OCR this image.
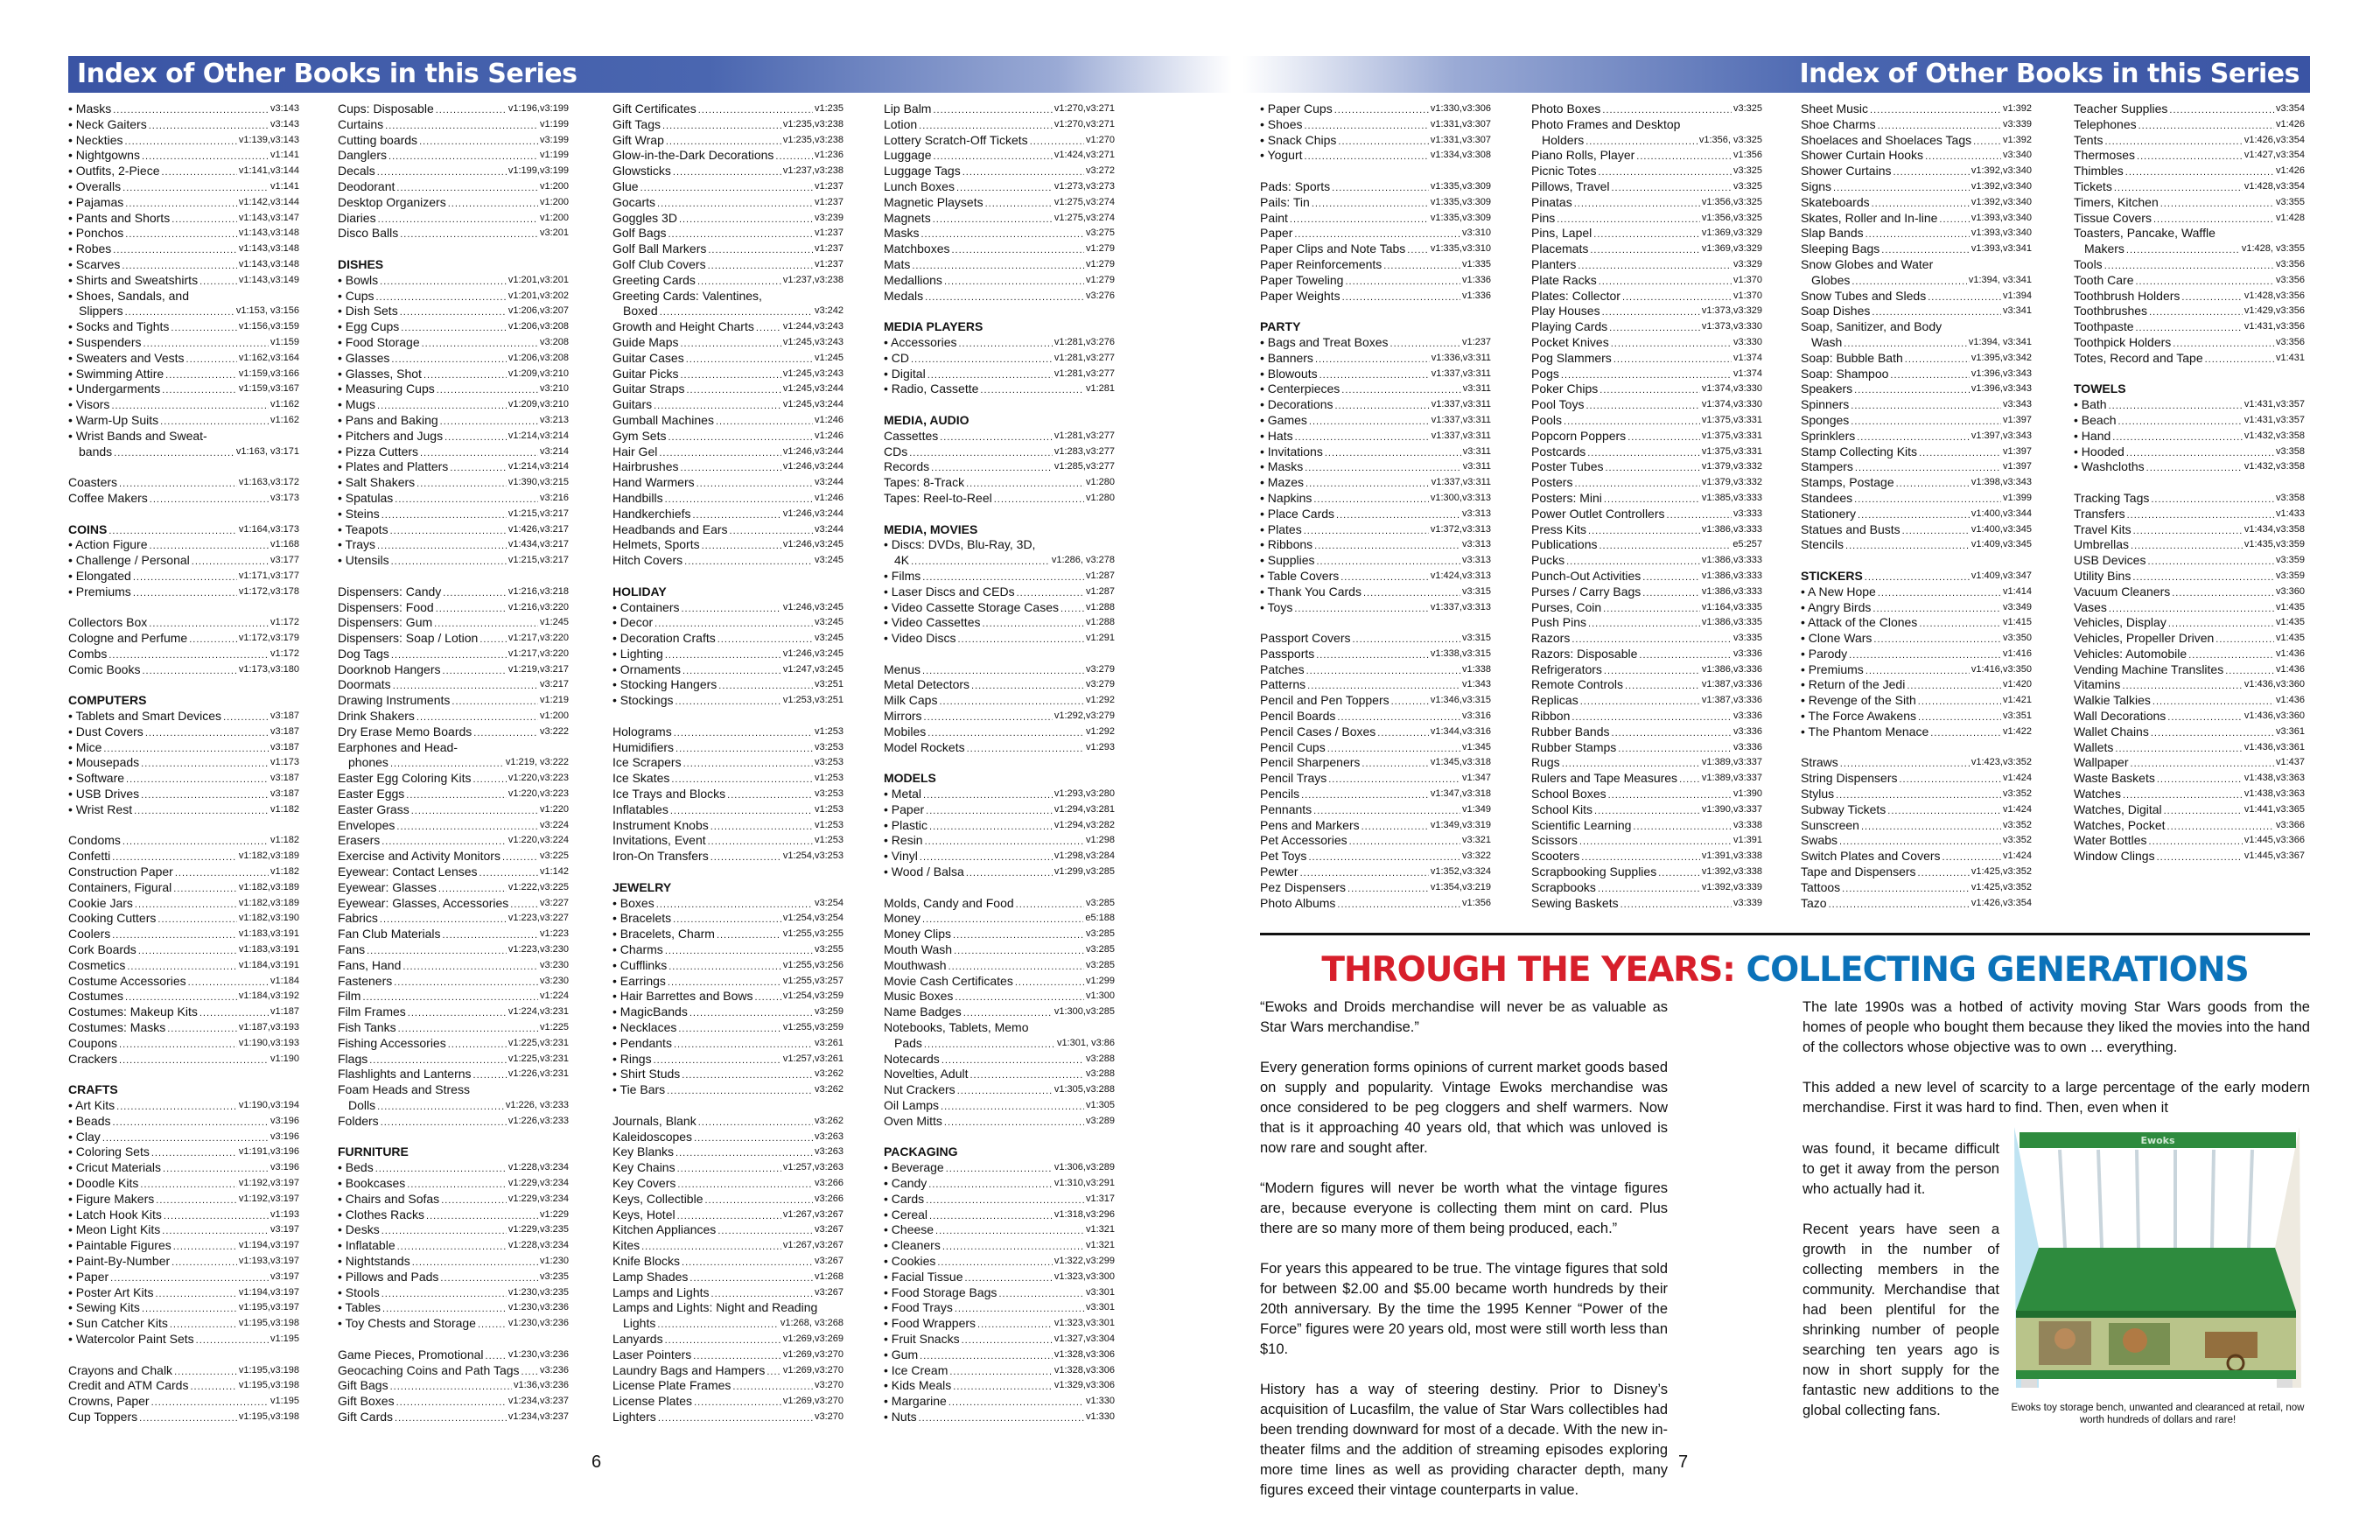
Index of Other Books in this Series	Index of Other Books in this Series
• Masks .....	v3:143
• Neck Gaiters .....	v3:143
• Neckties .....	v1:139,v3:143
• Nightgowns .....	v1:141
• Outfits, 2-Piece .....	v1:141,v3:144
• Overalls .....	v1:141
• Pajamas .....	v1:142,v3:144
• Pants and Shorts .....	v1:143,v3:147
• Ponchos .....	v1:143,v3:148
• Robes .....	v1:143,v3:148
• Scarves .....	v1:143,v3:148
• Shirts and Sweatshirts .....	v1:143,v3:149
• Shoes, Sandals, and
Slippers .....	v1:153, v3:156
• Socks and Tights .....	v1:156,v3:159
• Suspenders .....	v1:159
• Sweaters and Vests .....	v1:162,v3:164
• Swimming Attire .....	v1:159,v3:166
• Undergarments .....	v1:159,v3:167
• Visors .....	v1:162
• Warm-Up Suits .....	v1:162
• Wrist Bands and Sweat-
bands .....	v1:163, v3:171
Coasters .....	v1:163,v3:172
Coffee Makers .....	v3:173
COINS .....	v1:164,v3:173
• Action Figure .....	v1:168
• Challenge / Personal .....	v3:177
• Elongated .....	v1:171,v3:177
• Premiums .....	v1:172,v3:178
Collectors Box .....	v1:172
Cologne and Perfume .....	v1:172,v3:179
Combs .....	v1:172
Comic Books .....	v1:173,v3:180
COMPUTERS
• Tablets and Smart Devices .....	v3:187
• Dust Covers .....	v3:187
• Mice .....	v3:187
• Mousepads .....	v1:173
• Software .....	v3:187
• USB Drives .....	v3:187
• Wrist Rest .....	v1:182
Condoms .....	v1:182
Confetti .....	v1:182,v3:189
Construction Paper .....	v1:182
Containers, Figural .....	v1:182,v3:189
Cookie Jars .....	v1:182,v3:189
Cooking Cutters .....	v1:182,v3:190
Coolers .....	v1:183,v3:191
Cork Boards .....	v1:183,v3:191
Cosmetics .....	v1:184,v3:191
Costume Accessories .....	v1:184
Costumes .....	v1:184,v3:192
Costumes: Makeup Kits .....	v1:187
Costumes: Masks .....	v1:187,v3:193
Coupons .....	v1:190,v3:193
Crackers .....	v1:190
CRAFTS
• Art Kits .....	v1:190,v3:194
• Beads .....	v3:196
• Clay .....	v3:196
• Coloring Sets .....	v1:191,v3:196
• Cricut Materials .....	v3:196
• Doodle Kits .....	v1:192,v3:197
• Figure Makers .....	v1:192,v3:197
• Latch Hook Kits .....	v1:193
• Meon Light Kits .....	v3:197
• Paintable Figures .....	v1:194,v3:197
• Paint-By-Number .....	v1:193,v3:197
• Paper .....	v3:197
• Poster Art Kits .....	v1:194,v3:197
• Sewing Kits .....	v1:195,v3:197
• Sun Catcher Kits .....	v1:195,v3:198
• Watercolor Paint Sets .....	v1:195
Crayons and Chalk .....	v1:195,v3:198
Credit and ATM Cards .....	v1:195,v3:198
Crowns, Paper .....	v1:195
Cup Toppers .....	v1:195,v3:198
Cups: Disposable .....	v1:196,v3:199
Curtains .....	v1:199
Cutting boards .....	v3:199
Danglers .....	v1:199
Decals .....	v1:199,v3:199
Deodorant .....	v1:200
Desktop Organizers .....	v1:200
Diaries .....	v1:200
Disco Balls .....	v3:201
DISHES
• Bowls .....	v1:201,v3:201
• Cups .....	v1:201,v3:202
• Dish Sets .....	v1:206,v3:207
• Egg Cups .....	v1:206,v3:208
• Food Storage .....	v3:208
• Glasses .....	v1:206,v3:208
• Glasses, Shot .....	v1:209,v3:210
• Measuring Cups .....	v3:210
• Mugs .....	v1:209,v3:210
• Pans and Baking .....	v3:213
• Pitchers and Jugs .....	v1:214,v3:214
• Pizza Cutters .....	v3:214
• Plates and Platters .....	v1:214,v3:214
• Salt Shakers .....	v1:390,v3:215
• Spatulas .....	v3:216
• Steins .....	v1:215,v3:217
• Teapots .....	v1:426,v3:217
• Trays .....	v1:434,v3:217
• Utensils .....	v1:215,v3:217
Dispensers: Candy .....	v1:216,v3:218
Dispensers: Food .....	v1:216,v3:220
Dispensers: Gum .....	v1:245
Dispensers: Soap / Lotion .....	v1:217,v3:220
Dog Tags .....	v1:217,v3:220
Doorknob Hangers .....	v1:219,v3:217
Doormats .....	v3:217
Drawing Instruments .....	v1:219
Drink Shakers .....	v1:200
Dry Erase Memo Boards .....	v3:222
Earphones and Head-
phones .....	v1:219, v3:222
Easter Egg Coloring Kits .....	v1:220,v3:223
Easter Eggs .....	v1:220,v3:223
Easter Grass .....	v1:220
Envelopes .....	v3:224
Erasers .....	v1:220,v3:224
Exercise and Activity Monitors .....	v3:225
Eyewear: Contact Lenses .....	v1:142
Eyewear: Glasses .....	v1:222,v3:225
Eyewear: Glasses, Accessories .....	v3:227
Fabrics .....	v1:223,v3:227
Fan Club Materials .....	v1:223
Fans .....	v1:223,v3:230
Fans, Hand .....	v3:230
Fasteners .....	v3:230
Film .....	v1:224
Film Frames .....	v1:224,v3:231
Fish Tanks .....	v1:225
Fishing Accessories .....	v1:225,v3:231
Flags .....	v1:225,v3:231
Flashlights and Lanterns .....	v1:226,v3:231
Foam Heads and Stress
Dolls .....	v1:226, v3:233
Folders .....	v1:226,v3:233
FURNITURE
• Beds .....	v1:228,v3:234
• Bookcases .....	v1:229,v3:234
• Chairs and Sofas .....	v1:229,v3:234
• Clothes Racks .....	v1:229
• Desks .....	v1:229,v3:235
• Inflatable .....	v1:228,v3:234
• Nightstands .....	v1:230
• Pillows and Pads .....	v3:235
• Stools .....	v1:230,v3:235
• Tables .....	v1:230,v3:236
• Toy Chests and Storage .....	v1:230,v3:236
Game Pieces, Promotional .....	v1:230,v3:236
Geocaching Coins and Path Tags ..... v3:236
Gift Bags .....	v1:36,v3:236
Gift Boxes .....	v1:234,v3:237
Gift Cards .....	v1:234,v3:237
Gift Certificates .....	v1:235
Gift Tags .....	v1:235,v3:238
Gift Wrap .....	v1:235,v3:238
Glow-in-the-Dark Decorations .....	v1:236
Glowsticks .....	v1:237,v3:238
Glue .....	v1:237
Gocarts .....	v1:237
Goggles 3D .....	v3:239
Golf Bags .....	v1:237
Golf Ball Markers .....	v1:237
Golf Club Covers .....	v1:237
Greeting Cards .....	v1:237,v3:238
Greeting Cards: Valentines,
Boxed .....	v3:242
Growth and Height Charts .....	v1:244,v3:243
Guide Maps .....	v1:245,v3:243
Guitar Cases .....	v1:245
Guitar Picks .....	v1:245,v3:243
Guitar Straps .....	v1:245,v3:244
Guitars .....	v1:245,v3:244
Gumball Machines .....	v1:246
Gym Sets .....	v1:246
Hair Gel .....	v1:246,v3:244
Hairbrushes .....	v1:246,v3:244
Hand Warmers .....	v3:244
Handbills .....	v1:246
Handkerchiefs .....	v1:246,v3:244
Headbands and Ears .....	v3:244
Helmets, Sports .....	v1:246,v3:245
Hitch Covers .....	v3:245
HOLIDAY
• Containers .....	v1:246,v3:245
• Decor .....	v3:245
• Decoration Crafts .....	v3:245
• Lighting .....	v1:246,v3:245
• Ornaments .....	v1:247,v3:245
• Stocking Hangers .....	v3:251
• Stockings .....	v1:253,v3:251
Holograms .....	v1:253
Humidifiers .....	v3:253
Ice Scrapers .....	v3:253
Ice Skates .....	v1:253
Ice Trays and Blocks .....	v3:253
Inflatables .....	v1:253
Instrument Knobs .....	v1:253
Invitations, Event .....	v1:253
Iron-On Transfers .....	v1:254,v3:253
JEWELRY
• Boxes .....	v3:254
• Bracelets .....	v1:254,v3:254
• Bracelets, Charm .....	v1:255,v3:255
• Charms .....	v3:255
• Cufflinks .....	v1:255,v3:256
• Earrings .....	v1:255,v3:257
• Hair Barrettes and Bows .....	v1:254,v3:259
• MagicBands .....	v3:259
• Necklaces .....	v1:255,v3:259
• Pendants .....	v3:261
• Rings .....	v1:257,v3:261
• Shirt Studs .....	v3:262
• Tie Bars .....	v3:262
Journals, Blank .....	v3:262
Kaleidoscopes .....	v3:263
Key Blanks .....	v3:263
Key Chains .....	v1:257,v3:263
Key Covers .....	v3:266
Keys, Collectible .....	v3:266
Keys, Hotel .....	v1:267,v3:267
Kitchen Appliances .....	v3:267
Kites .....	v1:267,v3:267
Knife Blocks .....	v3:267
Lamp Shades .....	v1:268
Lamps and Lights .....	v3:267
Lamps and Lights: Night and Reading
Lights .....	v1:268, v3:268
Lanyards .....	v1:269,v3:269
Laser Pointers .....	v1:269,v3:270
Laundry Bags and Hampers ..... v1:269,v3:270
License Plate Frames .....	v3:270
License Plates .....	v1:269,v3:270
Lighters .....	v3:270
Lip Balm .....	v1:270,v3:271
Lotion .....	v1:270,v3:271
Lottery Scratch-Off Tickets .....	v1:270
Luggage .....	v1:424,v3:271
Luggage Tags .....	v3:272
Lunch Boxes .....	v1:273,v3:273
Magnetic Playsets .....	v1:275,v3:274
Magnets .....	v1:275,v3:274
Masks .....	v3:275
Matchboxes .....	v1:279
Mats .....	v1:279
Medallions .....	v1:279
Medals .....	v3:276
MEDIA PLAYERS
• Accessories .....	v1:281,v3:276
• CD .....	v1:281,v3:277
• Digital .....	v1:281,v3:277
• Radio, Cassette .....	v1:281
MEDIA, AUDIO
Cassettes .....	v1:281,v3:277
CDs .....	v1:283,v3:277
Records .....	v1:285,v3:277
Tapes: 8-Track .....	v1:280
Tapes: Reel-to-Reel .....	v1:280
MEDIA, MOVIES
• Discs: DVDs, Blu-Ray, 3D,
4K .....	v1:286, v3:278
• Films .....	v1:287
• Laser Discs and CEDs .....	v1:287
• Video Cassette Storage Cases .....	v1:288
• Video Cassettes .....	v1:288
• Video Discs .....	v1:291
Menus .....	v3:279
Metal Detectors .....	v3:279
Milk Caps .....	v1:292
Mirrors .....	v1:292,v3:279
Mobiles .....	v1:292
Model Rockets .....	v1:293
MODELS
• Metal .....	v1:293,v3:280
• Paper .....	v1:294,v3:281
• Plastic .....	v1:294,v3:282
• Resin .....	v1:298
• Vinyl .....	v1:298,v3:284
• Wood / Balsa .....	v1:299,v3:285
Molds, Candy and Food .....	v3:285
Money .....	e5:188
Money Clips .....	v3:285
Mouth Wash .....	v3:285
Mouthwash .....	v3:285
Movie Cash Certificates .....	v1:299
Music Boxes .....	v1:300
Name Badges .....	v1:300,v3:285
Notebooks, Tablets, Memo
Pads .....	v1:301, v3:86
Notecards .....	v3:288
Novelties, Adult .....	v3:288
Nut Crackers .....	v1:305,v3:288
Oil Lamps .....	v1:305
Oven Mitts .....	v3:289
PACKAGING
• Beverage .....	v1:306,v3:289
• Candy .....	v1:310,v3:291
• Cards .....	v1:317
• Cereal .....	v1:318,v3:296
• Cheese .....	v1:321
• Cleaners .....	v1:321
• Cookies .....	v1:322,v3:299
• Facial Tissue .....	v1:323,v3:300
• Food Storage Bags .....	v3:301
• Food Trays .....	v3:301
• Food Wrappers .....	v1:323,v3:301
• Fruit Snacks .....	v1:327,v3:304
• Gum .....	v1:328,v3:306
• Ice Cream .....	v1:328,v3:306
• Kids Meals .....	v1:329,v3:306
• Margarine .....	v1:330
• Nuts .....	v1:330
• Paper Cups .....	v1:330,v3:306
• Shoes .....	v1:331,v3:307
• Snack Chips .....	v1:331,v3:307
• Yogurt .....	v1:334,v3:308
Pads: Sports .....	v1:335,v3:309
Pails: Tin .....	v1:335,v3:309
Paint .....	v1:335,v3:309
Paper .....	v3:310
Paper Clips and Note Tabs .....	v1:335,v3:310
Paper Reinforcements .....	v1:335
Paper Toweling .....	v1:336
Paper Weights .....	v1:336
PARTY
• Bags and Treat Boxes .....	v1:237
• Banners .....	v1:336,v3:311
• Blowouts .....	v1:337,v3:311
• Centerpieces .....	v3:311
• Decorations .....	v1:337,v3:311
• Games .....	v1:337,v3:311
• Hats .....	v1:337,v3:311
• Invitations .....	v3:311
• Masks .....	v3:311
• Mazes .....	v1:337,v3:311
• Napkins .....	v1:300,v3:313
• Place Cards .....	v3:313
• Plates .....	v1:372,v3:313
• Ribbons .....	v3:313
• Supplies .....	v3:313
• Table Covers .....	v1:424,v3:313
• Thank You Cards .....	v3:315
• Toys .....	v1:337,v3:313
Passport Covers .....	v3:315
Passports .....	v1:338,v3:315
Patches .....	v1:338
Patterns .....	v1:343
Pencil and Pen Toppers .....	v1:346,v3:315
Pencil Boards .....	v3:316
Pencil Cases / Boxes .....	v1:344,v3:316
Pencil Cups .....	v1:345
Pencil Sharpeners .....	v1:345,v3:318
Pencil Trays .....	v1:347
Pencils .....	v1:347,v3:318
Pennants .....	v1:349
Pens and Markers .....	v1:349,v3:319
Pet Accessories .....	v3:321
Pet Toys .....	v3:322
Pewter .....	v1:352,v3:324
Pez Dispensers .....	v1:354,v3:219
Photo Albums .....	v1:356
Photo Boxes .....	v3:325
Photo Frames and Desktop
Holders .....	v1:356, v3:325
Piano Rolls, Player .....	v1:356
Picnic Totes .....	v3:325
Pillows, Travel .....	v3:325
Pinatas .....	v1:356,v3:325
Pins .....	v1:356,v3:325
Pins, Lapel .....	v1:369,v3:329
Placemats .....	v1:369,v3:329
Planters .....	v3:329
Plate Racks .....	v1:370
Plates: Collector .....	v1:370
Play Houses .....	v1:373,v3:329
Playing Cards .....	v1:373,v3:330
Pocket Knives .....	v3:330
Pog Slammers .....	v1:374
Pogs .....	v1:374
Poker Chips .....	v1:374,v3:330
Pool Toys .....	v1:374,v3:330
Pools .....	v1:375,v3:331
Popcorn Poppers .....	v1:375,v3:331
Postcards .....	v1:375,v3:331
Poster Tubes .....	v1:379,v3:332
Posters .....	v1:379,v3:332
Posters: Mini .....	v1:385,v3:333
Power Outlet Controllers .....	v3:333
Press Kits .....	v1:386,v3:333
Publications .....	e5:257
Pucks .....	v1:386,v3:333
Punch-Out Activities .....	v1:386,v3:333
Purses / Carry Bags .....	v1:386,v3:333
Purses, Coin .....	v1:164,v3:335
Push Pins .....	v1:386,v3:335
Razors .....	v3:335
Razors: Disposable .....	v3:336
Refrigerators .....	v1:386,v3:336
Remote Controls .....	v1:387,v3:336
Replicas .....	v1:387,v3:336
Ribbon .....	v3:336
Rubber Bands .....	v3:336
Rubber Stamps .....	v3:336
Rugs .....	v1:389,v3:337
Rulers and Tape Measures .....	v1:389,v3:337
School Boxes .....	v1:390
School Kits .....	v1:390,v3:337
Scientific Learning .....	v3:338
Scissors .....	v1:391
Scooters .....	v1:391,v3:338
Scrapbooking Supplies .....	v1:392,v3:338
Scrapbooks .....	v1:392,v3:339
Sewing Baskets .....	v3:339
Sheet Music .....	v1:392
Shoe Charms .....	v3:339
Shoelaces and Shoelaces Tags .....	v1:392
Shower Curtain Hooks .....	v3:340
Shower Curtains .....	v1:392,v3:340
Signs .....	v1:392,v3:340
Skateboards .....	v1:392,v3:340
Skates, Roller and In-line .....	v1:393,v3:340
Slap Bands .....	v1:393,v3:340
Sleeping Bags .....	v1:393,v3:341
Snow Globes and Water
Globes .....	v1:394, v3:341
Snow Tubes and Sleds .....	v1:394
Soap Dishes .....	v3:341
Soap, Sanitizer, and Body
Wash .....	v1:394, v3:341
Soap: Bubble Bath .....	v1:395,v3:342
Soap: Shampoo .....	v1:396,v3:343
Speakers .....	v1:396,v3:343
Spinners .....	v3:343
Sponges .....	v1:397
Sprinklers .....	v1:397,v3:343
Stamp Collecting Kits .....	v1:397
Stampers .....	v1:397
Stamps, Postage .....	v1:398,v3:343
Standees .....	v1:399
Stationery .....	v1:400,v3:344
Statues and Busts .....	v1:400,v3:345
Stencils .....	v1:409,v3:345
STICKERS .....	v1:409,v3:347
• A New Hope .....	v1:414
• Angry Birds .....	v3:349
• Attack of the Clones .....	v1:415
• Clone Wars .....	v3:350
• Parody .....	v1:416
• Premiums .....	v1:416,v3:350
• Return of the Jedi .....	v1:420
• Revenge of the Sith .....	v1:421
• The Force Awakens .....	v3:351
• The Phantom Menace .....	v1:422
Straws .....	v1:423,v3:352
String Dispensers .....	v1:424
Stylus .....	v3:352
Subway Tickets .....	v1:424
Sunscreen .....	v3:352
Swabs .....	v3:352
Switch Plates and Covers .....	v1:424
Tape and Dispensers .....	v1:425,v3:352
Tattoos .....	v1:425,v3:352
Tazo .....	v1:426,v3:354
Teacher Supplies .....	v3:354
Telephones .....	v1:426
Tents .....	v1:426,v3:354
Thermoses .....	v1:427,v3:354
Thimbles .....	v1:426
Tickets .....	v1:428,v3:354
Timers, Kitchen .....	v3:355
Tissue Covers .....	v1:428
Toasters, Pancake, Waffle
Makers .....	v1:428, v3:355
Tools .....	v3:356
Tooth Care .....	v3:356
Toothbrush Holders .....	v1:428,v3:356
Toothbrushes .....	v1:429,v3:356
Toothpaste .....	v1:431,v3:356
Toothpick Holders .....	v3:356
Totes, Record and Tape .....	v1:431
TOWELS
• Bath .....	v1:431,v3:357
• Beach .....	v1:431,v3:357
• Hand .....	v1:432,v3:358
• Hooded .....	v3:358
• Washcloths .....	v1:432,v3:358
Tracking Tags .....	v3:358
Transfers .....	v1:433
Travel Kits .....	v1:434,v3:358
Umbrellas .....	v1:435,v3:359
USB Devices .....	v3:359
Utility Bins .....	v3:359
Vacuum Cleaners .....	v3:360
Vases .....	v1:435
Vehicles, Display .....	v1:435
Vehicles, Propeller Driven .....	v1:435
Vehicles: Automobile .....	v1:436
Vending Machine Translites .....	v1:436
Vitamins .....	v1:436,v3:360
Walkie Talkies .....	v1:436
Wall Decorations .....	v1:436,v3:360
Wallet Chains .....	v3:361
Wallets .....	v1:436,v3:361
Wallpaper .....	v1:437
Waste Baskets .....	v1:438,v3:363
Watches .....	v1:438,v3:363
Watches, Digital .....	v1:441,v3:365
Watches, Pocket .....	v3:366
Water Bottles .....	v1:445,v3:366
Window Clings .....	v1:445,v3:367
6	7
THROUGH THE YEARS: COLLECTING GENERATIONS

“Ewoks and Droids merchandise will never be as valuable as Star Wars merchandise.”

Every generation forms opinions of current market goods based on supply and popularity. Vintage Ewoks merchandise was once considered to be peg cloggers and shelf warmers. Now that is it approaching 40 years old, that which was unloved is now rare and sought after.

“Modern figures will never be worth what the vintage figures are, because everyone is collecting them mint on card. Plus there are so many more of them being produced, each.”

For years this appeared to be true. The vintage figures that sold for between $2.00 and $5.00 became worth hundreds by their 20th anniversary. By the time the 1995 Kenner “Power of the Force” figures were 20 years old, most were still worth less than $10.

History has a way of steering destiny. Prior to Disney’s acquisition of Lucasfilm, the value of Star Wars collectibles had been trending downward for most of a decade. With the new in-theater films and the addition of streaming episodes exploring more time lines as well as providing character depth, many figures exceed their vintage counterparts in value.

The late 1990s was a hotbed of activity moving Star Wars goods from the homes of people who bought them because they liked the movies into the hand of the collectors whose objective was to own ... everything.

This added a new level of scarcity to a large percentage of the early modern merchandise. First it was hard to find. Then, even when it

was found, it became difficult to get it away from the person who actually had it.

Recent years have seen a growth in the number of collecting members in the community. Merchandise that had been plentiful for the shrinking number of people searching ten years ago is now in short supply for the fantastic new additions to the global collecting fans.

Ewoks
Ewoks toy storage bench, unwanted and clearanced at retail, now worth hundreds of dollars and rare!
